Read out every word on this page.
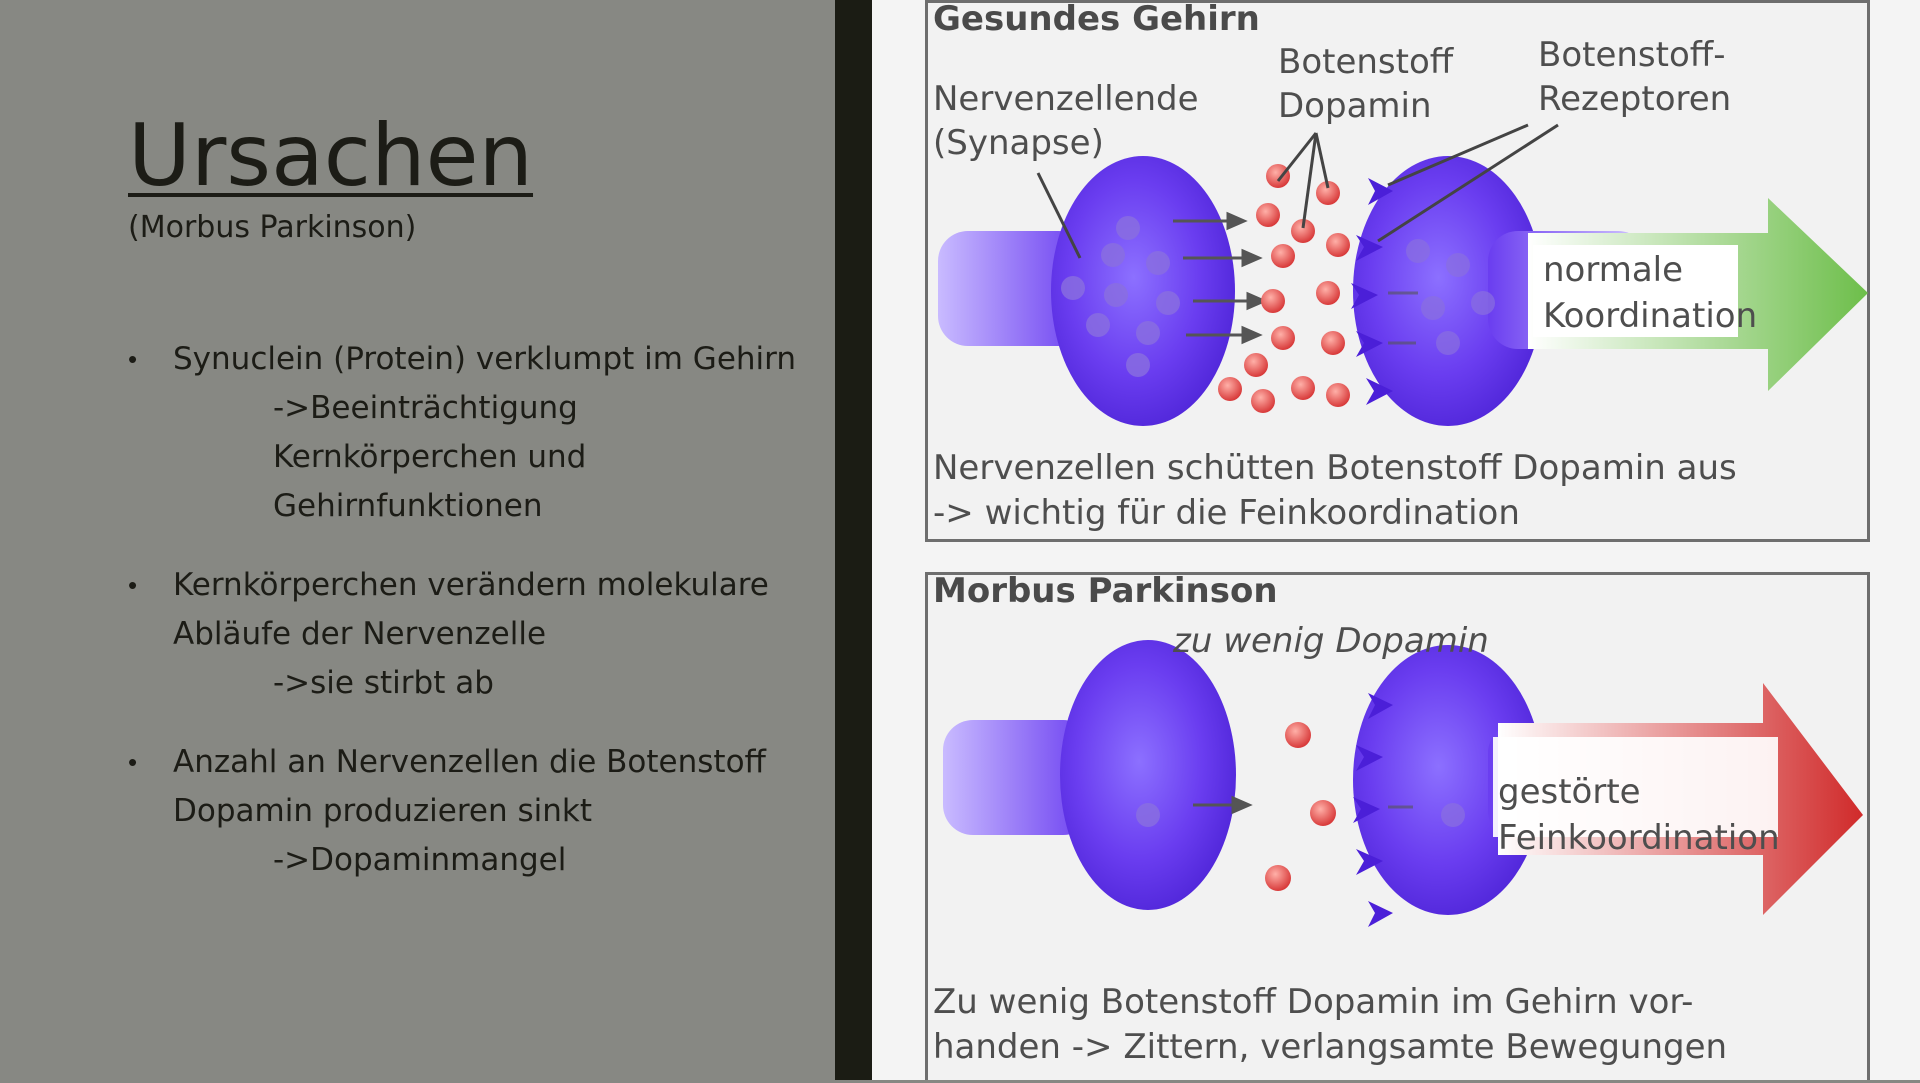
Ursachen
(Morbus Parkinson)
• Synuclein (Protein) verklumpt im Gehirn
->Beeinträchtigung
Kernkörperchen und
Gehirnfunktionen
• Kernkörperchen verändern molekulare
Abläufe der Nervenzelle
->sie stirbt ab
• Anzahl an Nervenzellen die Botenstoff
Dopamin produzieren sinkt
->Dopaminmangel
Gesundes Gehirn
Nervenzellende
(Synapse)
Botenstoff
Dopamin
Botenstoff-
Rezeptoren
normale
Koordination
Nervenzellen schütten Botenstoff Dopamin aus
-> wichtig für die Feinkoordination
Morbus Parkinson
zu wenig Dopamin
gestörte
Feinkoordination
Zu wenig Botenstoff Dopamin im Gehirn vor-
handen -> Zittern, verlangsamte Bewegungen
